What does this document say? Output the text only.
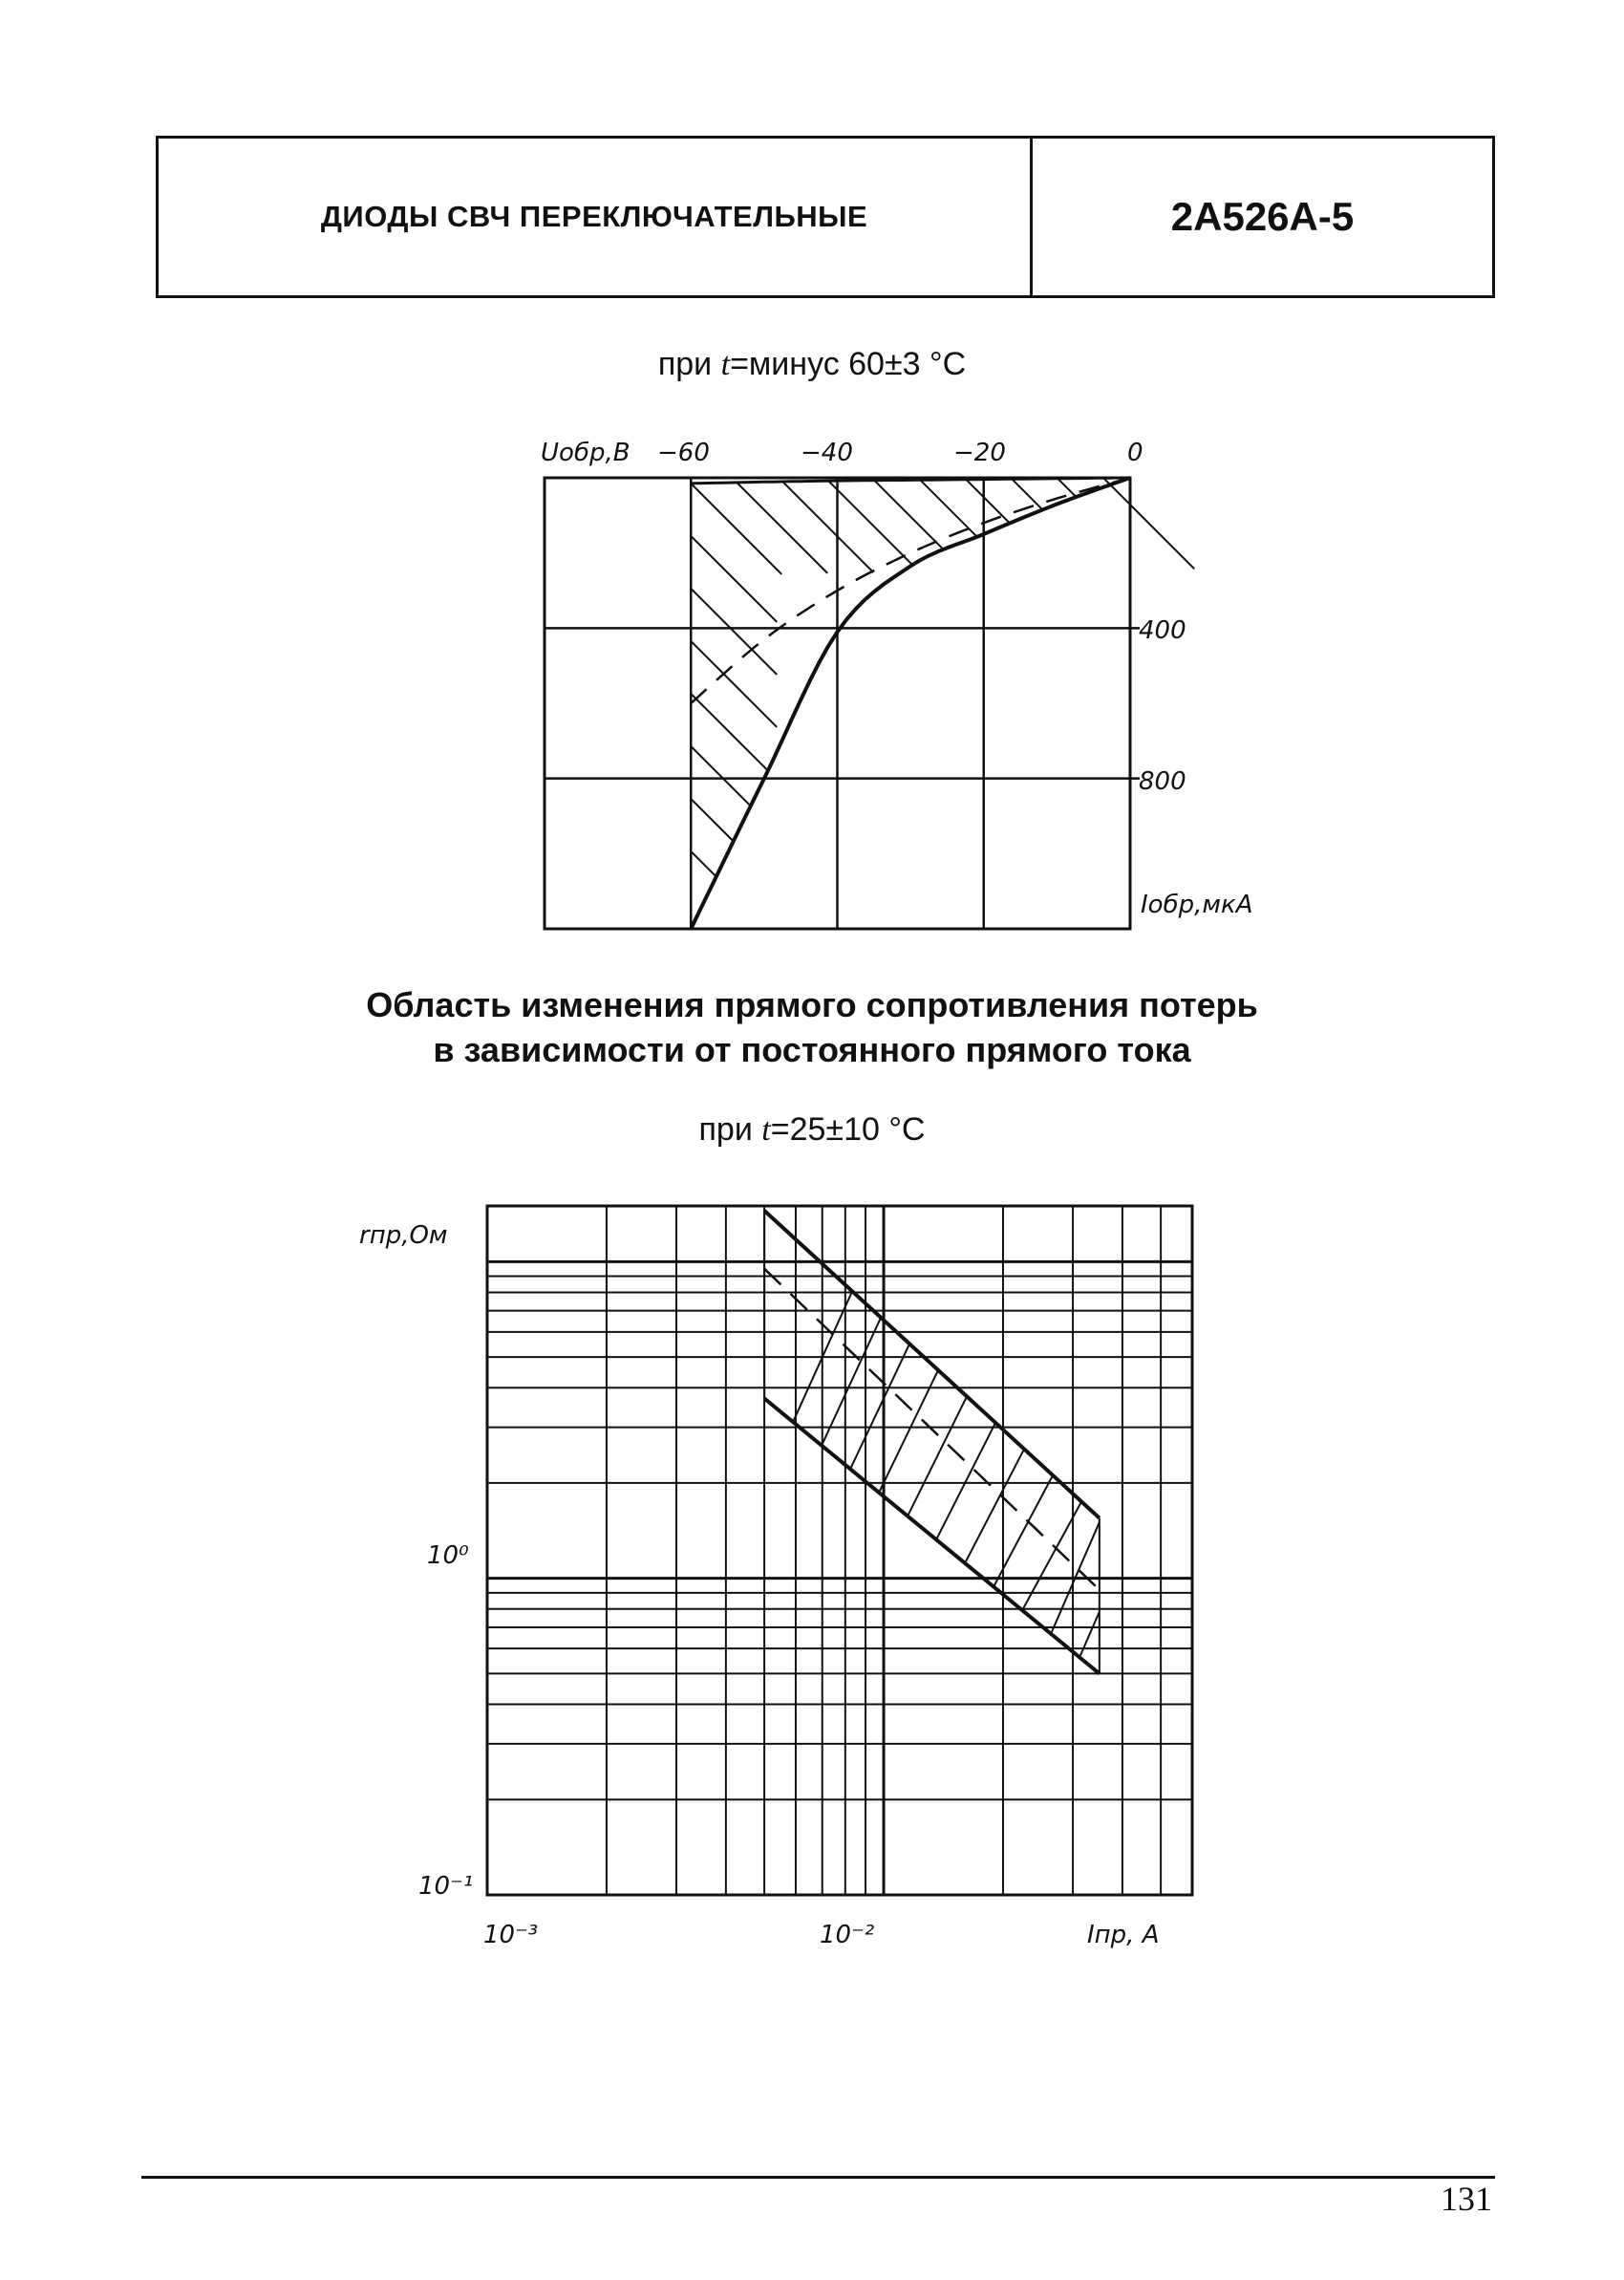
ДИОДЫ СВЧ ПЕРЕКЛЮЧАТЕЛЬНЫЕ	2А526А-5
при t=минус 60±3 °C
Область изменения прямого сопротивления потерь
в зависимости от постоянного прямого тока
при t=25±10 °C
Uобр,В −60	−40	−20	0
400
800
Iобр,мкА
rпр,Ом
10⁰
10⁻¹
10⁻³	10⁻²	Iпр, А
131
